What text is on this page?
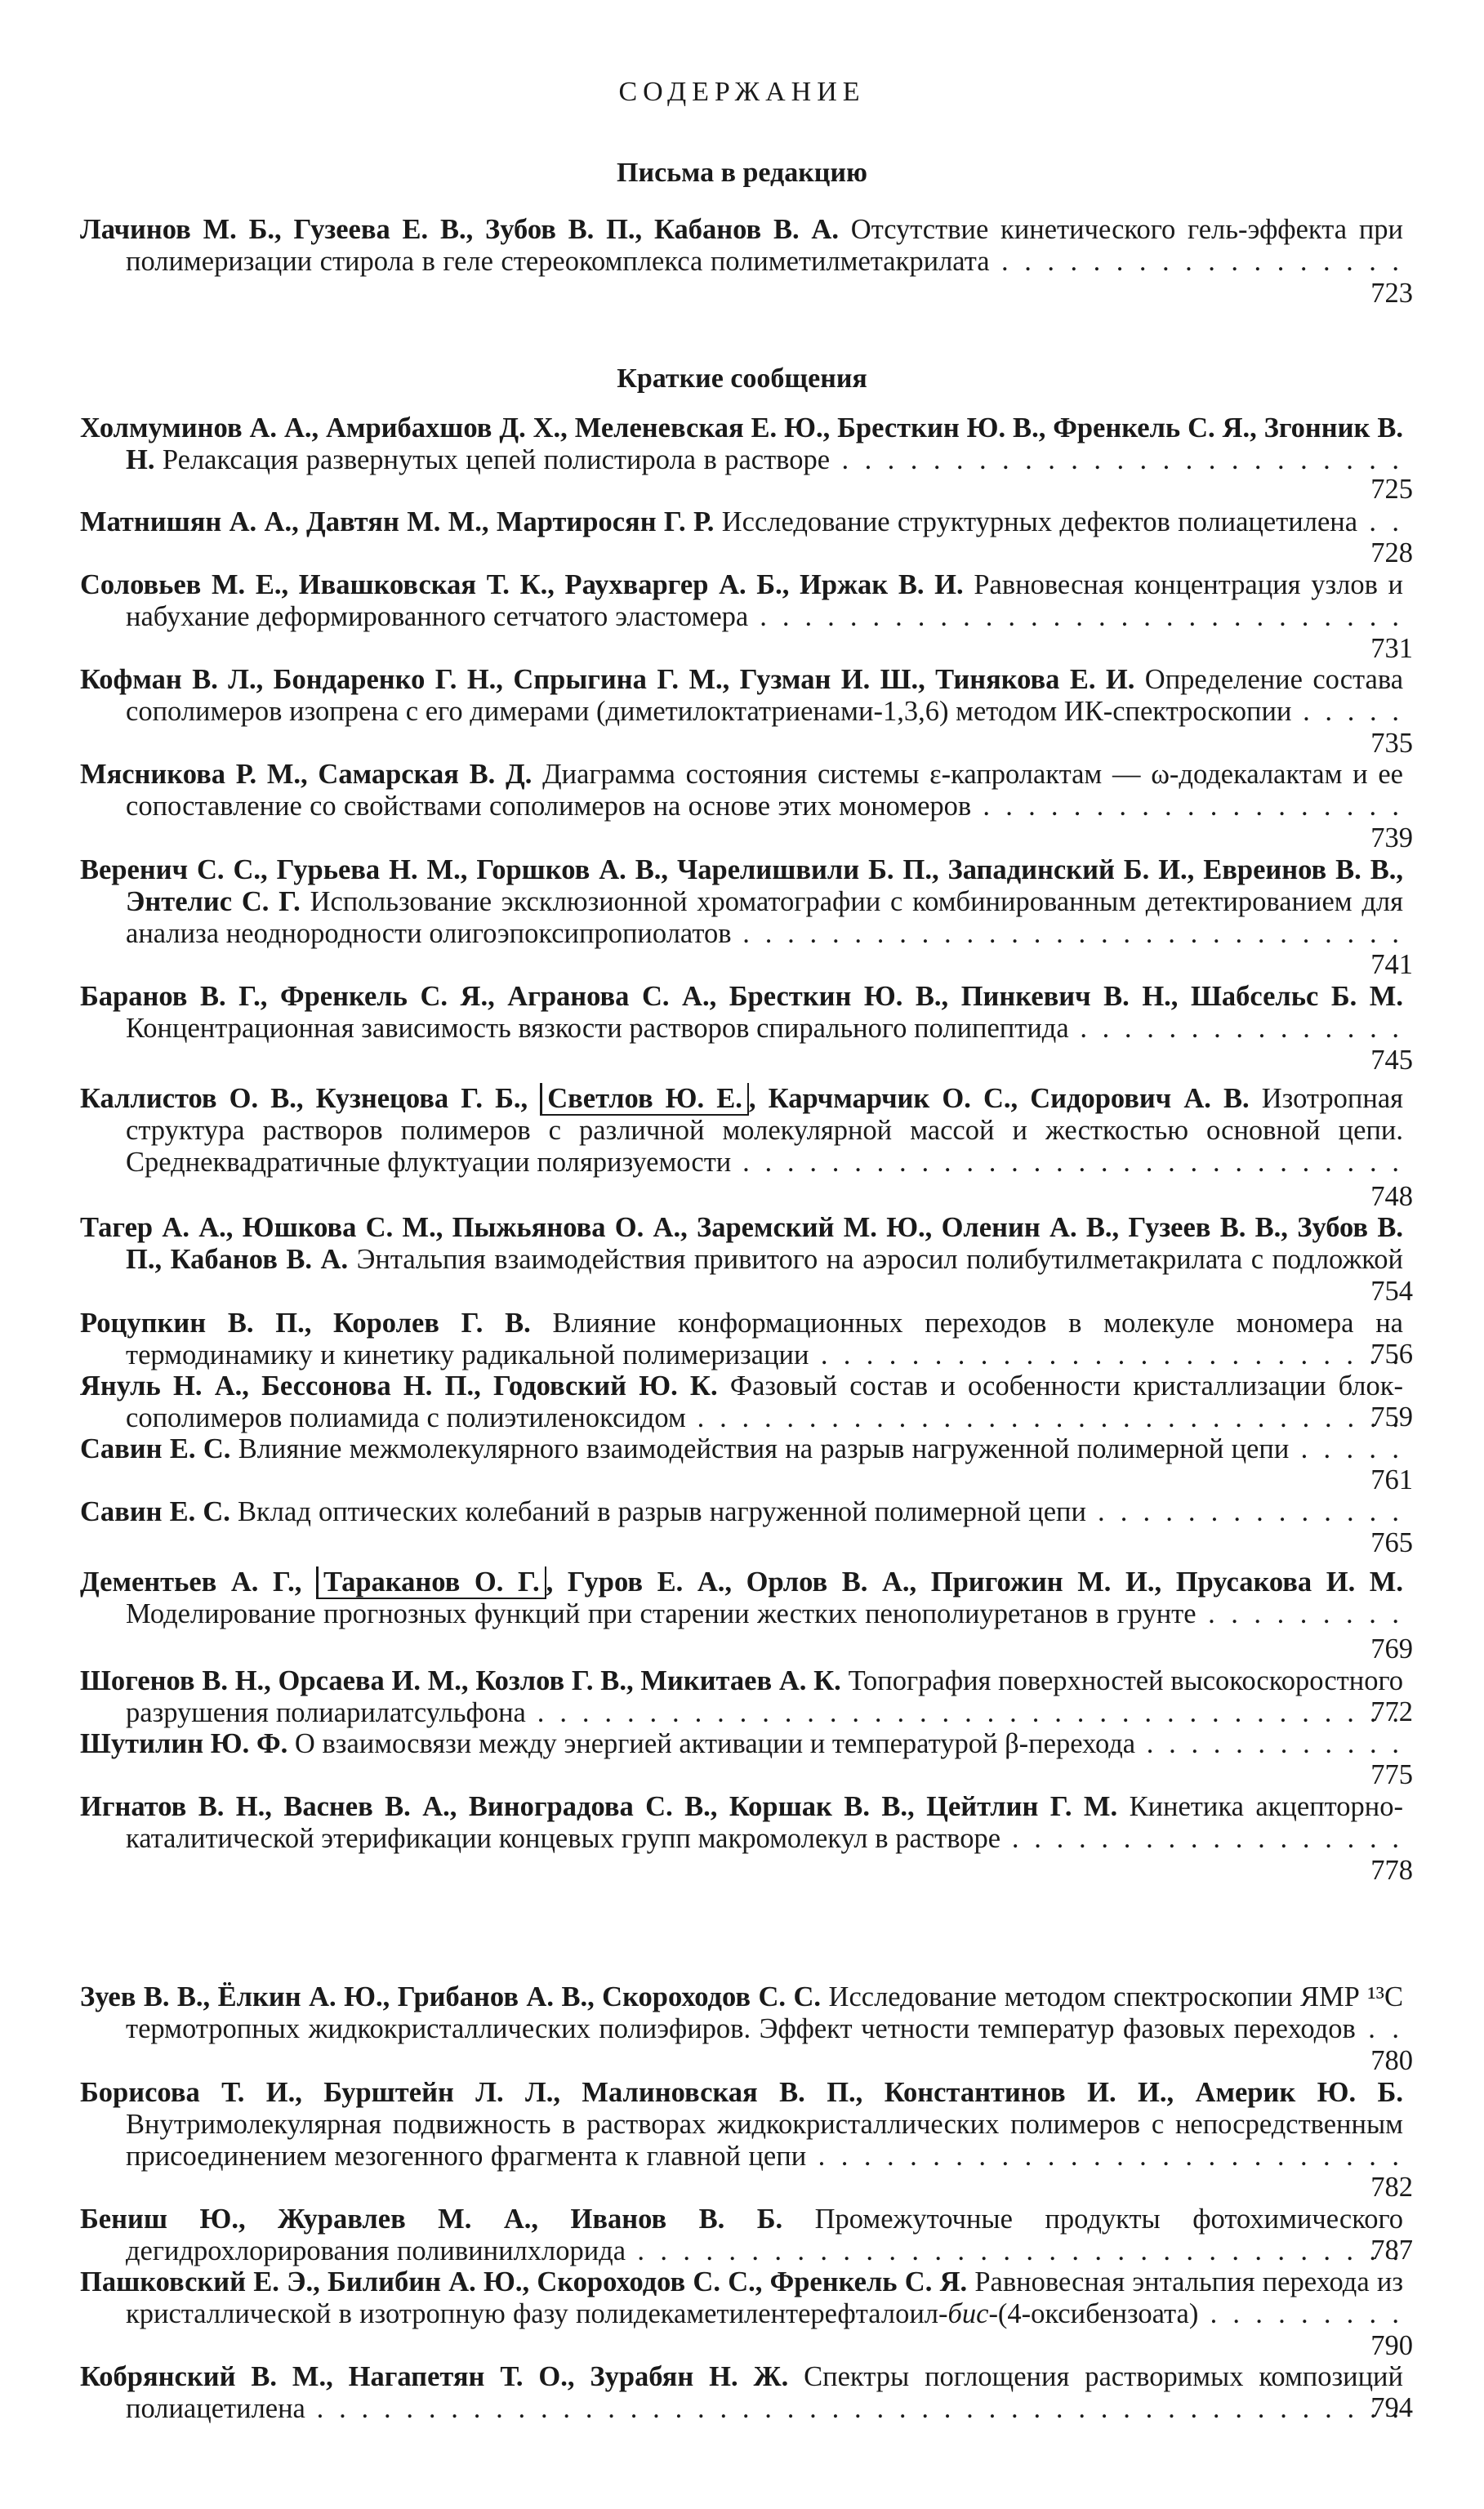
СОДЕРЖАНИЕ
Письма в редакцию
Лачинов М. Б., Гузеева Е. В., Зубов В. П., Кабанов В. А. Отсутствие кинетического гель-эффекта при полимеризации стирола в геле стереокомплекса полиметилметакрилата . . .
723
Краткие сообщения
Холмуминов А. А., Амрибахшов Д. Х., Меленевская Е. Ю., Бресткин Ю. В., Френкель С. Я., Згонник В. Н. Релаксация развернутых цепей полистирола в растворе . . .
725
Матнишян А. А., Давтян М. М., Мартиросян Г. Р. Исследование структурных дефектов полиацетилена . . .
728
Соловьев М. Е., Ивашковская Т. К., Раухваргер А. Б., Иржак В. И. Равновесная концентрация узлов и набухание деформированного сетчатого эластомера . . .
731
Кофман В. Л., Бондаренко Г. Н., Спрыгина Г. М., Гузман И. Ш., Тинякова Е. И. Определение состава сополимеров изопрена с его димерами (диметилоктатриенами-1,3,6) методом ИК-спектроскопии . . .
735
Мясникова Р. М., Самарская В. Д. Диаграмма состояния системы ε-капролактам — ω-додекалактам и ее сопоставление со свойствами сополимеров на основе этих мономеров . . .
739
Веренич С. С., Гурьева Н. М., Горшков А. В., Чарелишвили Б. П., Западинский Б. И., Евреинов В. В., Энтелис С. Г. Использование эксклюзионной хроматографии с комбинированным детектированием для анализа неоднородности олигоэпоксипропиолатов . . .
741
Баранов В. Г., Френкель С. Я., Агранова С. А., Бресткин Ю. В., Пинкевич В. Н., Шабсельс Б. М. Концентрационная зависимость вязкости растворов спирального полипептида . . .
745
Каллистов О. В., Кузнецова Г. Б., Светлов Ю. Е. , Карчмарчик О. С., Сидорович А. В. Изотропная структура растворов полимеров с различной молекулярной массой и жесткостью основной цепи. Среднеквадратичные флуктуации поляризуемости . . .
748
Тагер А. А., Юшкова С. М., Пыжьянова О. А., Заремский М. Ю., Оленин А. В., Гузеев В. В., Зубов В. П., Кабанов В. А. Энтальпия взаимодействия привитого на аэросил полибутилметакрилата с подложкой . . .
754
Роцупкин В. П., Королев Г. В. Влияние конформационных переходов в молекуле мономера на термодинамику и кинетику радикальной полимеризации . . .	756
Януль Н. А., Бессонова Н. П., Годовский Ю. К. Фазовый состав и особенности кристаллизации блок-сополимеров полиамида с полиэтиленоксидом . . .	759
Савин Е. С. Влияние межмолекулярного взаимодействия на разрыв нагруженной полимерной цепи . . .
761
Савин Е. С. Вклад оптических колебаний в разрыв нагруженной полимерной цепи . . .
765
Дементьев А. Г., Тараканов О. Г. , Гуров Е. А., Орлов В. А., Пригожин М. И., Прусакова И. М. Моделирование прогнозных функций при старении жестких пенополиуретанов в грунте . . .
769
Шогенов В. Н., Орсаева И. М., Козлов Г. В., Микитаев А. К. Топография поверхностей высокоскоростного разрушения полиарилатсульфона . . .	772
Шутилин Ю. Ф. О взаимосвязи между энергией активации и температурой β-перехода . . .
775
Игнатов В. Н., Васнев В. А., Виноградова С. В., Коршак В. В., Цейтлин Г. М. Кинетика акцепторно-каталитической этерификации концевых групп макромолекул в растворе . . .
778
Зуев В. В., Ёлкин А. Ю., Грибанов А. В., Скороходов С. С. Исследование методом спектроскопии ЯМР ¹³С термотропных жидкокристаллических полиэфиров. Эффект четности температур фазовых переходов . . .
780
Борисова Т. И., Бурштейн Л. Л., Малиновская В. П., Константинов И. И., Америк Ю. Б. Внутримолекулярная подвижность в растворах жидкокристаллических полимеров с непосредственным присоединением мезогенного фрагмента к главной цепи . . .
782
Бениш Ю., Журавлев М. А., Иванов В. Б. Промежуточные продукты фотохимического дегидрохлорирования поливинилхлорида . . .	787
Пашковский Е. Э., Билибин А. Ю., Скороходов С. С., Френкель С. Я. Равновесная энтальпия перехода из кристаллической в изотропную фазу полидекаметилентерефталоил-бис-(4-оксибензоата) . . .
790
Кобрянский В. М., Нагапетян Т. О., Зурабян Н. Ж. Спектры поглощения растворимых композиций полиацетилена . . .	794
